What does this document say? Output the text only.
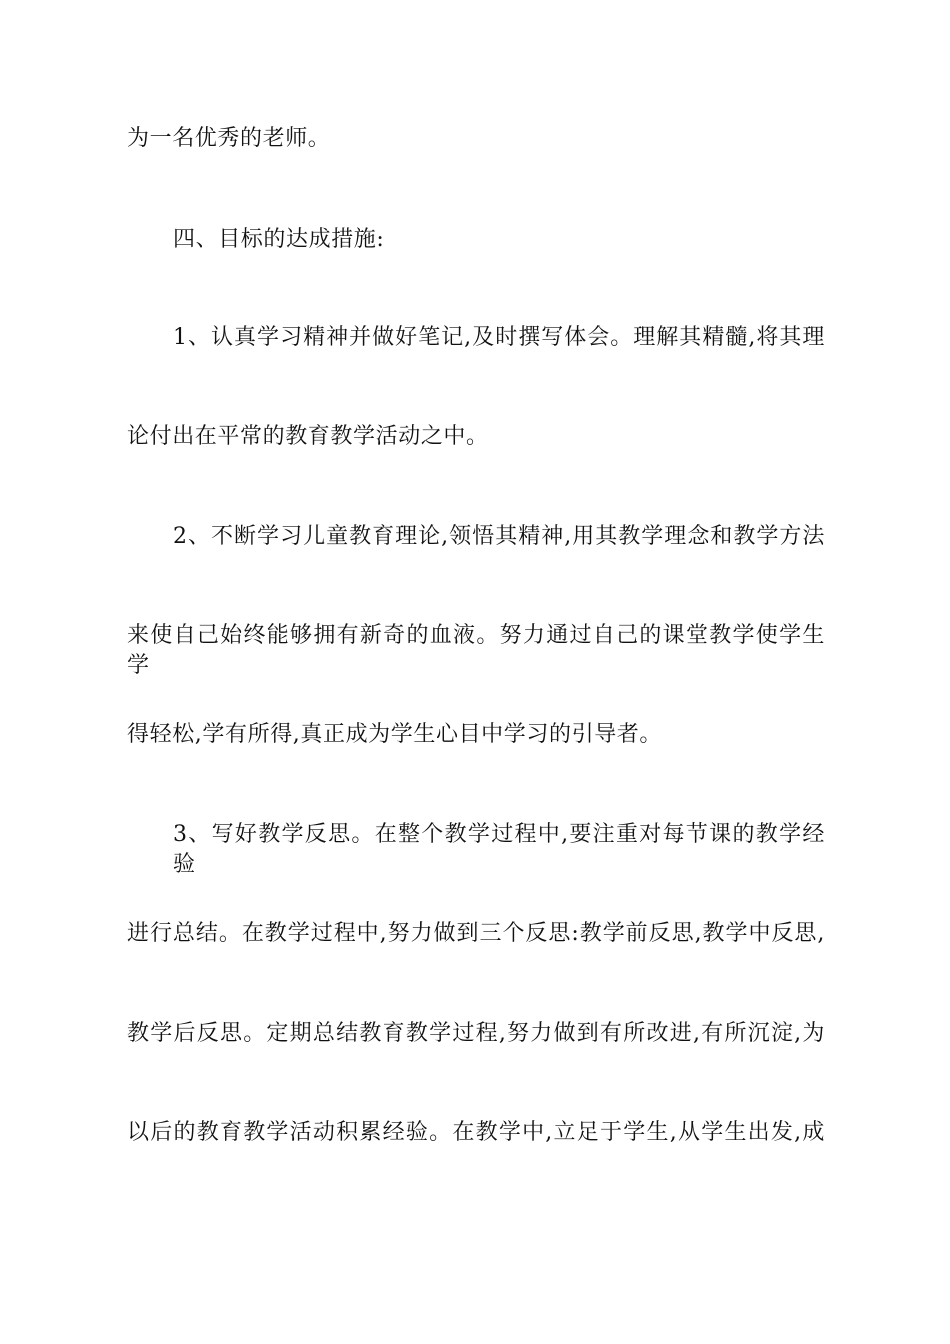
为一名优秀的老师。

四、目标的达成措施:

1、认真学习精神并做好笔记,及时撰写体会。理解其精髓,将其理

论付出在平常的教育教学活动之中。

2、不断学习儿童教育理论,领悟其精神,用其教学理念和教学方法

来使自己始终能够拥有新奇的血液。努力通过自己的课堂教学使学生学

得轻松,学有所得,真正成为学生心目中学习的引导者。

3、写好教学反思。在整个教学过程中,要注重对每节课的教学经验

进行总结。在教学过程中,努力做到三个反思:教学前反思,教学中反思,

教学后反思。定期总结教育教学过程,努力做到有所改进,有所沉淀,为

以后的教育教学活动积累经验。在教学中,立足于学生,从学生出发,成
